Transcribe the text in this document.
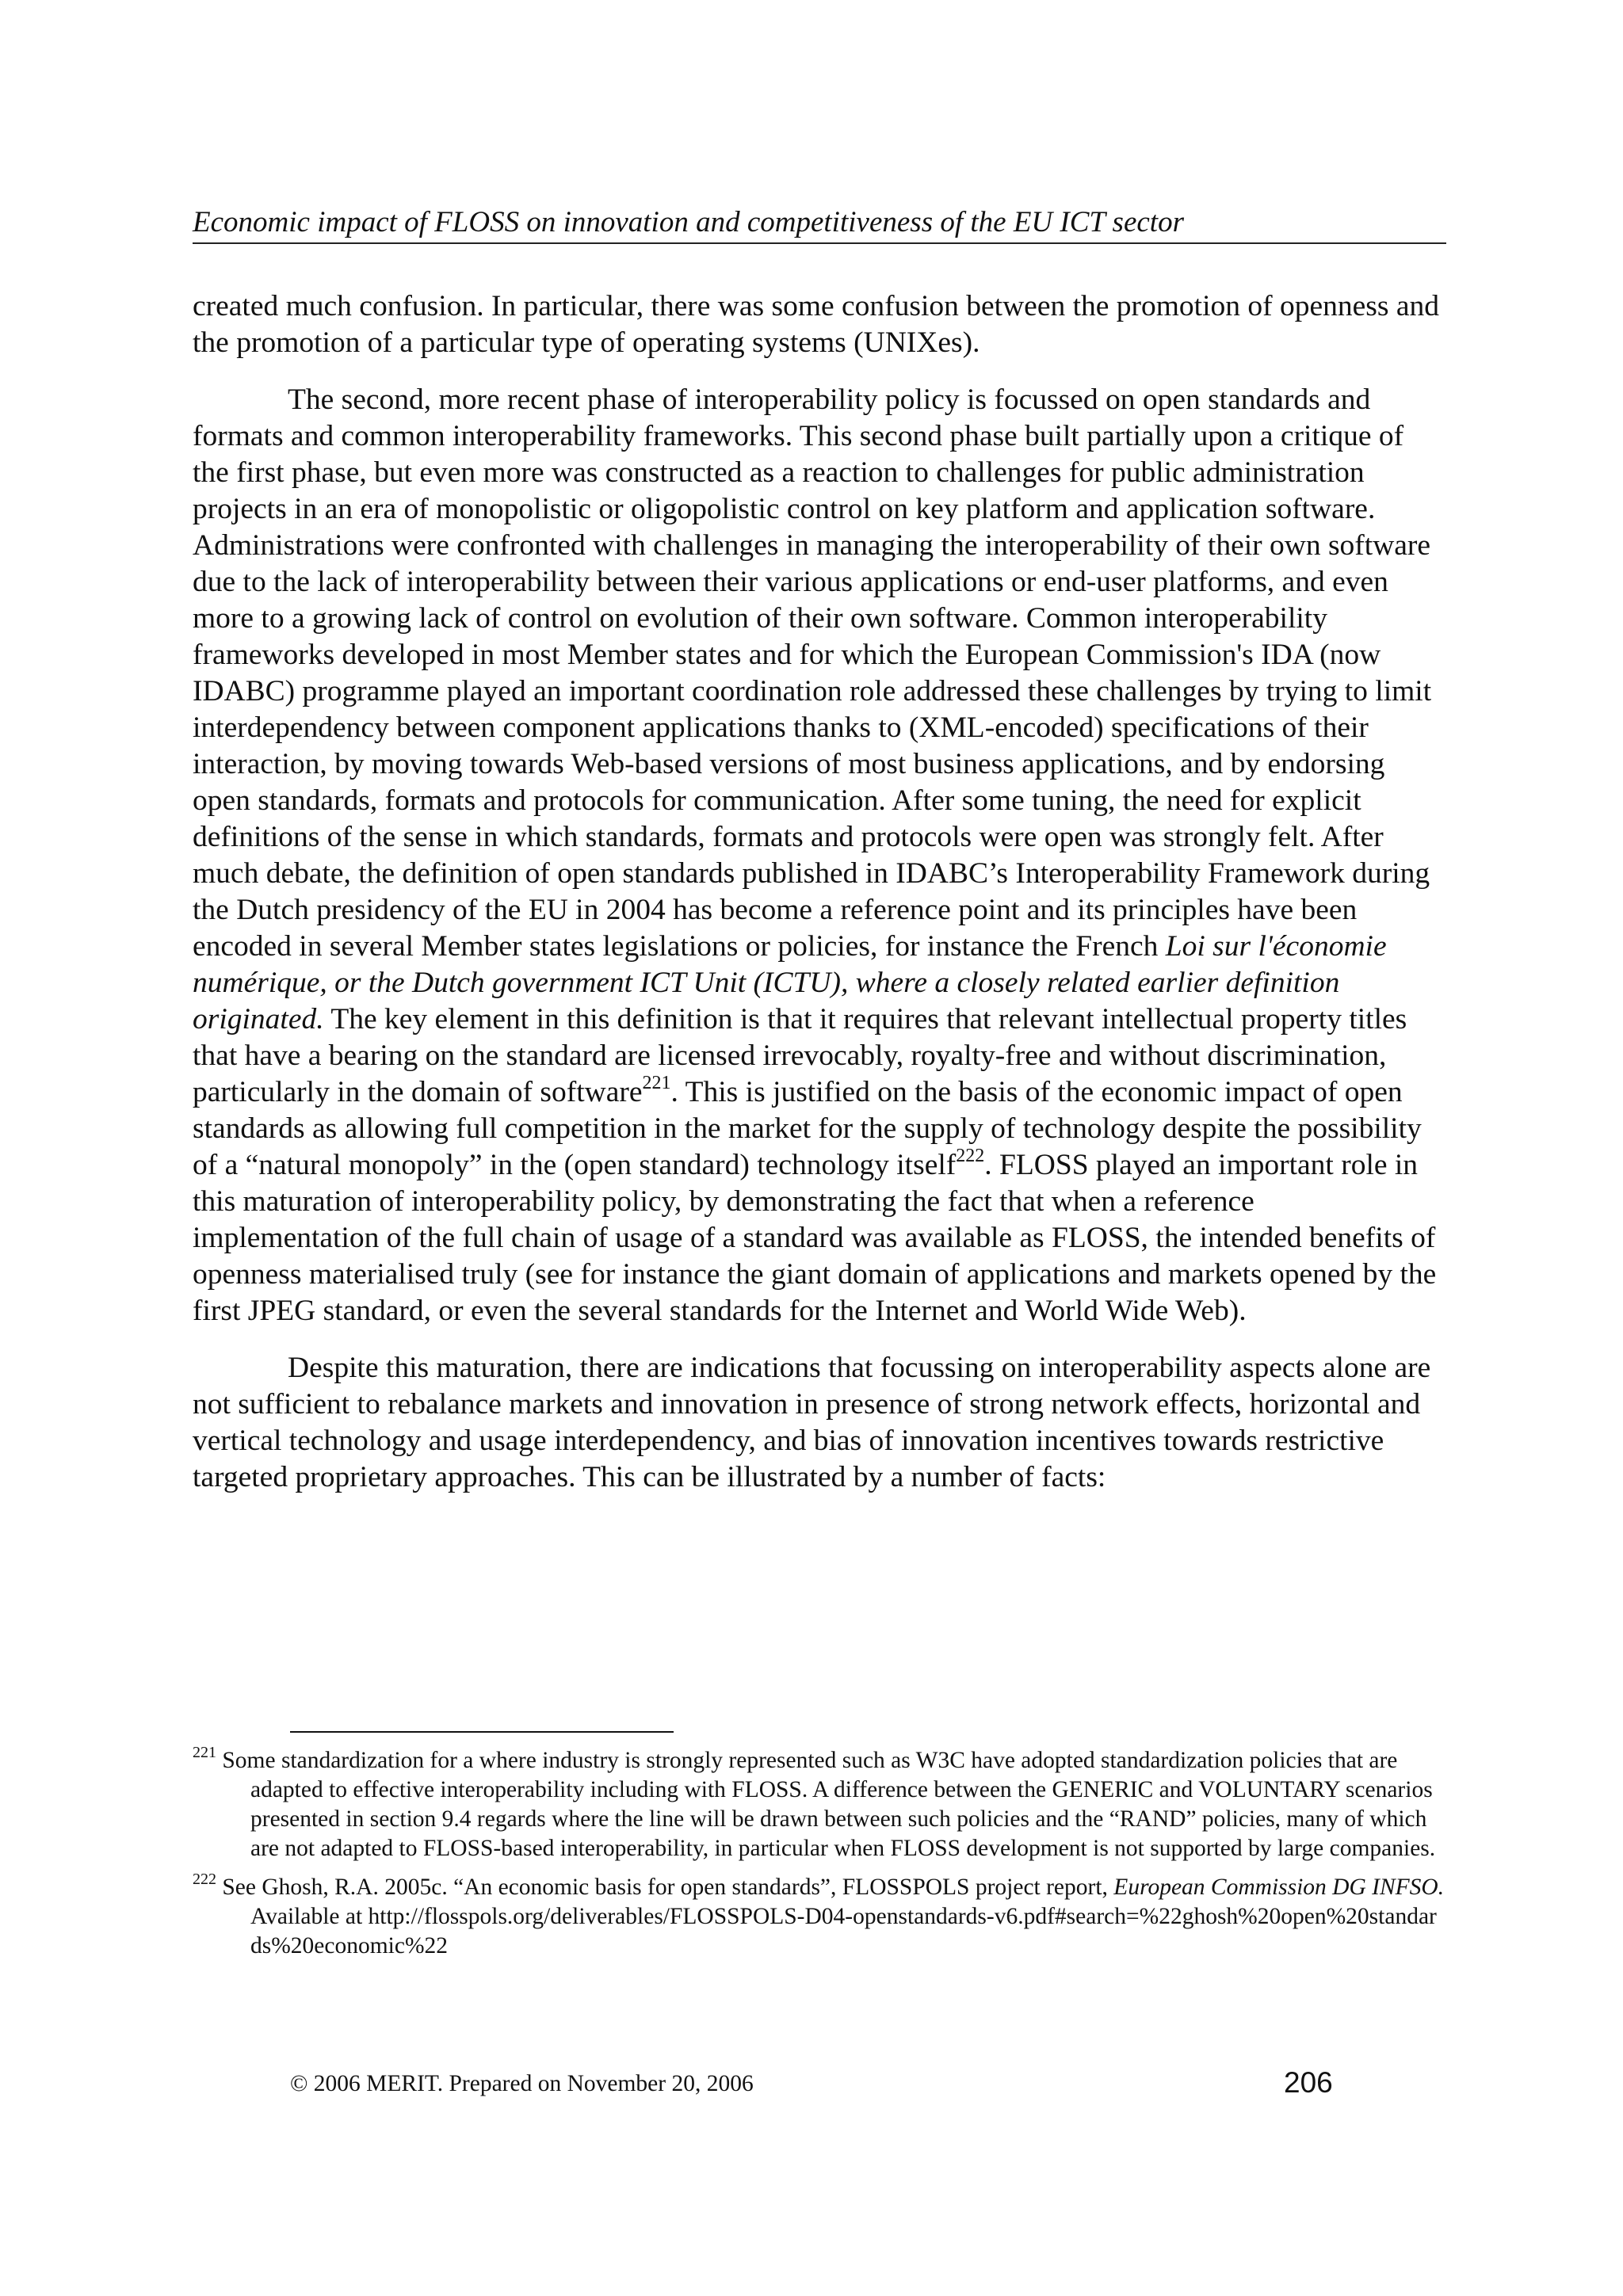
Economic impact of FLOSS on innovation and competitiveness of the EU ICT sector

created much confusion. In particular, there was some confusion between the promotion of openness and the promotion of a particular type of operating systems (UNIXes).

The second, more recent phase of interoperability policy is focussed on open standards and formats and common interoperability frameworks. This second phase built partially upon a critique of the first phase, but even more was constructed as a reaction to challenges for public administration projects in an era of monopolistic or oligopolistic control on key platform and application software. Administrations were confronted with challenges in managing the interoperability of their own software due to the lack of interoperability between their various applications or end-user platforms, and even more to a growing lack of control on evolution of their own software. Common interoperability frameworks developed in most Member states and for which the European Commission's IDA (now IDABC) programme played an important coordination role addressed these challenges by trying to limit interdependency between component applications thanks to (XML-encoded) specifications of their interaction, by moving towards Web-based versions of most business applications, and by endorsing open standards, formats and protocols for communication. After some tuning, the need for explicit definitions of the sense in which standards, formats and protocols were open was strongly felt. After much debate, the definition of open standards published in IDABC’s Interoperability Framework during the Dutch presidency of the EU in 2004 has become a reference point and its principles have been encoded in several Member states legislations or policies, for instance the French Loi sur l'économie numérique, or the Dutch government ICT Unit (ICTU), where a closely related earlier definition originated. The key element in this definition is that it requires that relevant intellectual property titles that have a bearing on the standard are licensed irrevocably, royalty-free and without discrimination, particularly in the domain of software$^{221}$. This is justified on the basis of the economic impact of open standards as allowing full competition in the market for the supply of technology despite the possibility of a “natural monopoly” in the (open standard) technology itself$^{222}$. FLOSS played an important role in this maturation of interoperability policy, by demonstrating the fact that when a reference implementation of the full chain of usage of a standard was available as FLOSS, the intended benefits of openness materialised truly (see for instance the giant domain of applications and markets opened by the first JPEG standard, or even the several standards for the Internet and World Wide Web).

Despite this maturation, there are indications that focussing on interoperability aspects alone are not sufficient to rebalance markets and innovation in presence of strong network effects, horizontal and vertical technology and usage interdependency, and bias of innovation incentives towards restrictive targeted proprietary approaches. This can be illustrated by a number of facts:

$^{221}$ Some standardization for a where industry is strongly represented such as W3C have adopted standardization policies that are adapted to effective interoperability including with FLOSS. A difference between the GENERIC and VOLUNTARY scenarios presented in section 9.4 regards where the line will be drawn between such policies and the “RAND” policies, many of which are not adapted to FLOSS-based interoperability, in particular when FLOSS development is not supported by large companies.

$^{222}$ See Ghosh, R.A. 2005c. “An economic basis for open standards”, FLOSSPOLS project report, European Commission DG INFSO. Available at http://flosspols.org/deliverables/FLOSSPOLS-D04-openstandards-v6.pdf#search=%22ghosh%20open%20standards%20economic%22

© 2006 MERIT. Prepared on November 20, 2006	206
